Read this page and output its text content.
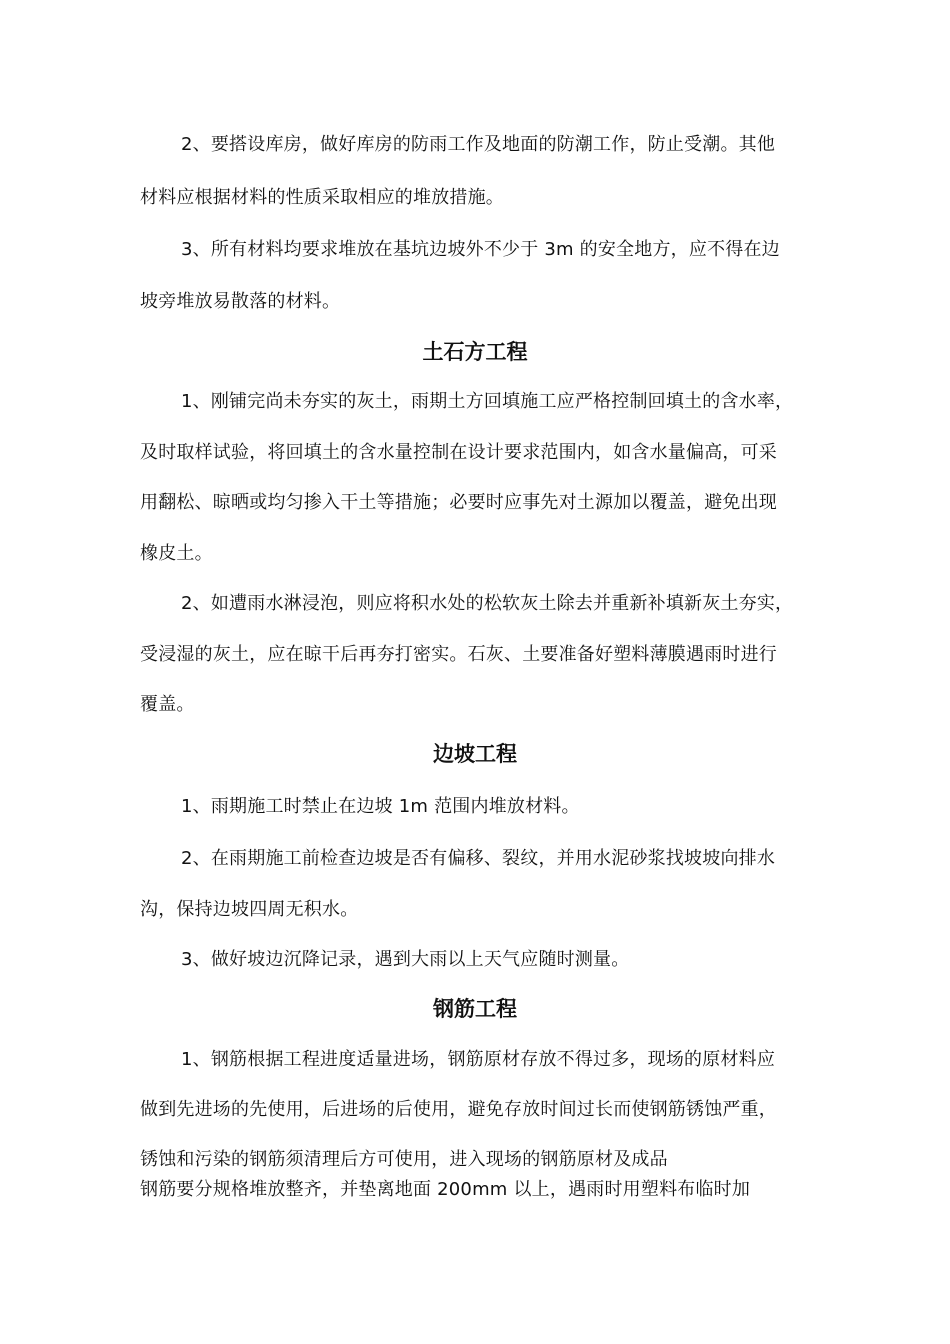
2、要搭设库房，做好库房的防雨工作及地面的防潮工作，防止受潮。其他
材料应根据材料的性质采取相应的堆放措施。
3、所有材料均要求堆放在基坑边坡外不少于 3m 的安全地方，应不得在边
坡旁堆放易散落的材料。
土石方工程
1、刚铺完尚未夯实的灰土，雨期土方回填施工应严格控制回填土的含水率，
及时取样试验，将回填土的含水量控制在设计要求范围内，如含水量偏高，可采
用翻松、晾晒或均匀掺入干土等措施；必要时应事先对土源加以覆盖，避免出现
橡皮土。
2、如遭雨水淋浸泡，则应将积水处的松软灰土除去并重新补填新灰土夯实，
受浸湿的灰土，应在晾干后再夯打密实。石灰、土要准备好塑料薄膜遇雨时进行
覆盖。
边坡工程
1、雨期施工时禁止在边坡 1m 范围内堆放材料。
2、在雨期施工前检查边坡是否有偏移、裂纹，并用水泥砂浆找坡坡向排水
沟，保持边坡四周无积水。
3、做好坡边沉降记录，遇到大雨以上天气应随时测量。
钢筋工程
1、钢筋根据工程进度适量进场，钢筋原材存放不得过多，现场的原材料应
做到先进场的先使用，后进场的后使用，避免存放时间过长而使钢筋锈蚀严重，
锈蚀和污染的钢筋须清理后方可使用，进入现场的钢筋原材及成品
钢筋要分规格堆放整齐，并垫离地面 200mm 以上，遇雨时用塑料布临时加
